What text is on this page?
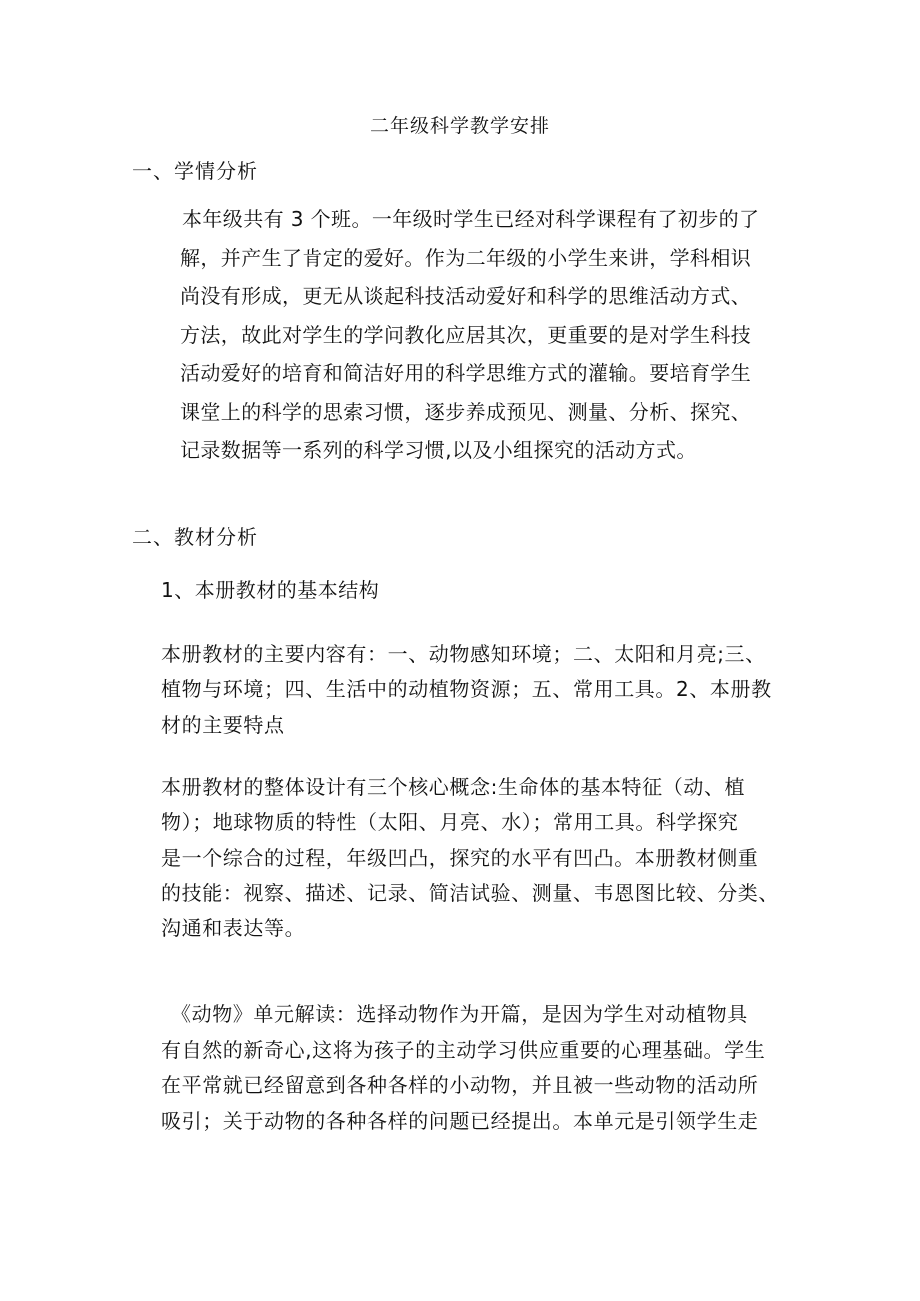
二年级科学教学安排
一、学情分析
本年级共有 3 个班。一年级时学生已经对科学课程有了初步的了
解，并产生了肯定的爱好。作为二年级的小学生来讲，学科相识
尚没有形成，更无从谈起科技活动爱好和科学的思维活动方式、
方法，故此对学生的学问教化应居其次，更重要的是对学生科技
活动爱好的培育和简洁好用的科学思维方式的灌输。要培育学生
课堂上的科学的思索习惯，逐步养成预见、测量、分析、探究、
记录数据等一系列的科学习惯,以及小组探究的活动方式。
二、教材分析
1、本册教材的基本结构
本册教材的主要内容有：一、动物感知环境；二、太阳和月亮;三、
植物与环境；四、生活中的动植物资源；五、常用工具。2、本册教
材的主要特点
本册教材的整体设计有三个核心概念:生命体的基本特征（动、植
物）；地球物质的特性（太阳、月亮、水）；常用工具。科学探究
是一个综合的过程，年级凹凸，探究的水平有凹凸。本册教材侧重
的技能：视察、描述、记录、简洁试验、测量、韦恩图比较、分类、
沟通和表达等。
《动物》单元解读：选择动物作为开篇，是因为学生对动植物具
有自然的新奇心,这将为孩子的主动学习供应重要的心理基础。学生
在平常就已经留意到各种各样的小动物，并且被一些动物的活动所
吸引；关于动物的各种各样的问题已经提出。本单元是引领学生走
